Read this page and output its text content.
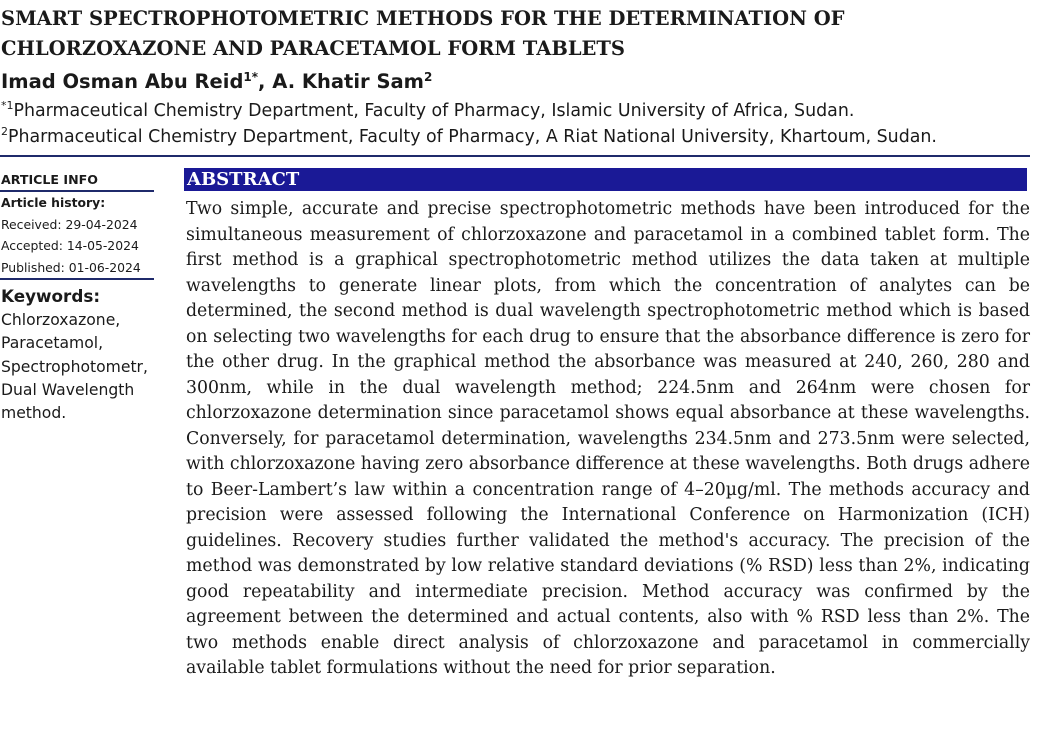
SMART SPECTROPHOTOMETRIC METHODS FOR THE DETERMINATION OF CHLORZOXAZONE AND PARACETAMOL FORM TABLETS
Imad Osman Abu Reid$^{1*}$, A. Khatir Sam$^2$
$^{*1}$Pharmaceutical Chemistry Department, Faculty of Pharmacy, Islamic University of Africa, Sudan.
$^2$Pharmaceutical Chemistry Department, Faculty of Pharmacy, A Riat National University, Khartoum, Sudan.
ARTICLE INFO
Article history:
Received: 29-04-2024
Accepted: 14-05-2024
Published: 01-06-2024
Keywords:
Chlorzoxazone,
Paracetamol,
Spectrophotometr,
Dual Wavelength
method.
ABSTRACT

Two simple, accurate and precise spectrophotometric methods have been introduced for the simultaneous measurement of chlorzoxazone and paracetamol in a combined tablet form. The first method is a graphical spectrophotometric method utilizes the data taken at multiple wavelengths to generate linear plots, from which the concentration of analytes can be determined, the second method is dual wavelength spectrophotometric method which is based on selecting two wavelengths for each drug to ensure that the absorbance difference is zero for the other drug. In the graphical method the absorbance was measured at 240, 260, 280 and 300nm, while in the dual wavelength method; 224.5nm and 264nm were chosen for chlorzoxazone determination since paracetamol shows equal absorbance at these wavelengths. Conversely, for paracetamol determination, wavelengths 234.5nm and 273.5nm were selected, with chlorzoxazone having zero absorbance difference at these wavelengths. Both drugs adhere to Beer-Lambert’s law within a concentration range of 4–20µg/ml. The methods accuracy and precision were assessed following the International Conference on Harmonization (ICH) guidelines. Recovery studies further validated the method's accuracy. The precision of the method was demonstrated by low relative standard deviations (% RSD) less than 2%, indicating good repeatability and intermediate precision. Method accuracy was confirmed by the agreement between the determined and actual contents, also with % RSD less than 2%. The two methods enable direct analysis of chlorzoxazone and paracetamol in commercially available tablet formulations without the need for prior separation.
